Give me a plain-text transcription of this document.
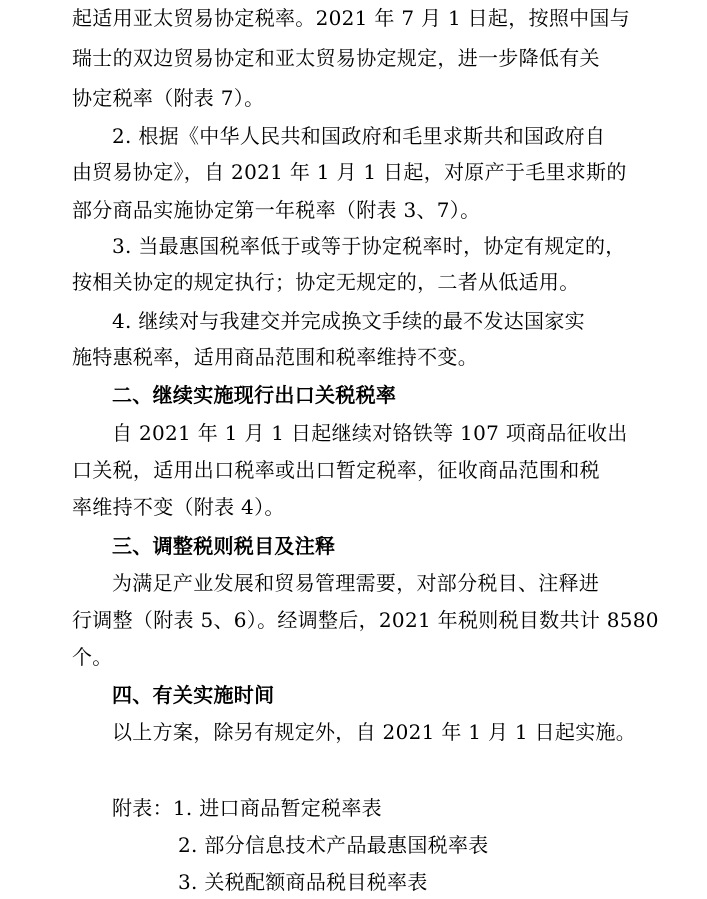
起适用亚太贸易协定税率。2021 年 7 月 1 日起，按照中国与
瑞士的双边贸易协定和亚太贸易协定规定，进一步降低有关
协定税率（附表 7）。
2. 根据《中华人民共和国政府和毛里求斯共和国政府自
由贸易协定》，自 2021 年 1 月 1 日起，对原产于毛里求斯的
部分商品实施协定第一年税率（附表 3、7）。
3. 当最惠国税率低于或等于协定税率时，协定有规定的，
按相关协定的规定执行；协定无规定的，二者从低适用。
4. 继续对与我建交并完成换文手续的最不发达国家实
施特惠税率，适用商品范围和税率维持不变。
二、继续实施现行出口关税税率
自 2021 年 1 月 1 日起继续对铬铁等 107 项商品征收出
口关税，适用出口税率或出口暂定税率，征收商品范围和税
率维持不变（附表 4）。
三、调整税则税目及注释
为满足产业发展和贸易管理需要，对部分税目、注释进
行调整（附表 5、6）。经调整后，2021 年税则税目数共计 8580
个。
四、有关实施时间
以上方案，除另有规定外，自 2021 年 1 月 1 日起实施。
附表：1. 进口商品暂定税率表
2. 部分信息技术产品最惠国税率表
3. 关税配额商品税目税率表
